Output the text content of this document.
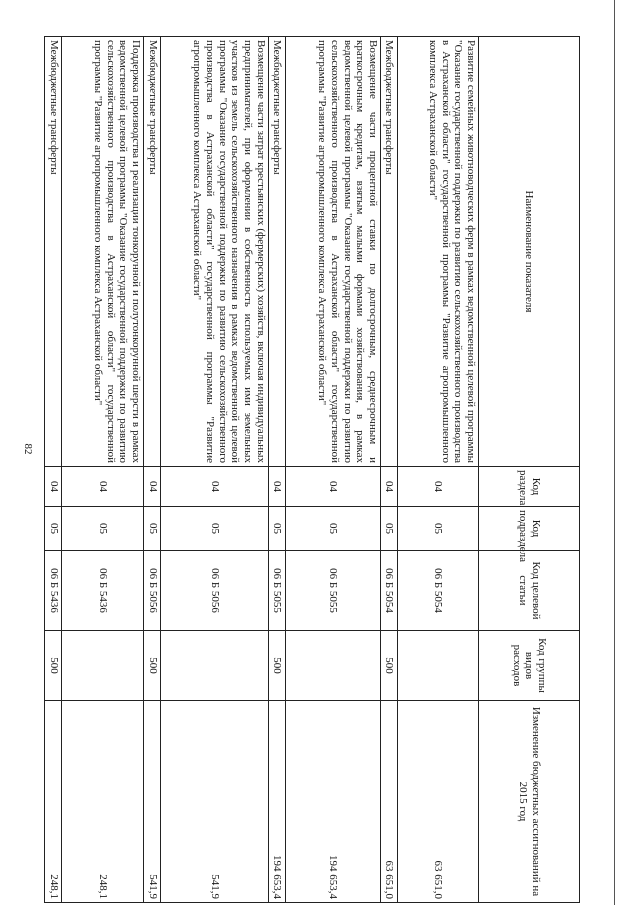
82
Наименование показателя	Код раздела	Код подраздела	Код целевой статьи	Код группы видов расходов	Изменение бюджетных ассигнований на 2015 год
Развитие семейных животноводческих ферм в рамках ведомственной целевой программы "Оказание государственной поддержки по развитию сельскохозяйственного производства в Астраханской области" государственной программы "Развитие агропромышленного комплекса Астраханской области"	04	05	06 Б 5054		63 651,0
Межбюджетные трансферты	04	05	06 Б 5054	500	63 651,0
Возмещение части процентной ставки по долгосрочным, среднесрочным и краткосрочным кредитам, взятым малыми формами хозяйствования, в рамках ведомственной целевой программы "Оказание государственной поддержки по развитию сельскохозяйственного производства в Астраханской области" государственной программы "Развитие агропромышленного комплекса Астраханской области"	04	05	06 Б 5055		194 653,4
Межбюджетные трансферты	04	05	06 Б 5055	500	194 653,4
Возмещение части затрат крестьянских (фермерских) хозяйств, включая индивидуальных предпринимателей, при оформлении в собственность используемых ими земельных участков из земель сельскохозяйственного назначения в рамках ведомственной целевой программы "Оказание государственной поддержки по развитию сельскохозяйственного производства в Астраханской области" государственной программы "Развитие агропромышленного комплекса Астраханской области"	04	05	06 Б 5056		541,9
Межбюджетные трансферты	04	05	06 Б 5056	500	541,9
Поддержка производства и реализации тонкорунной и полутонкорунной шерсти в рамках ведомственной целевой программы "Оказание государственной поддержки по развитию сельскохозяйственного производства в Астраханской области" государственной программы "Развитие агропромышленного комплекса Астраханской области"	04	05	06 Б 5436		248,1
Межбюджетные трансферты	04	05	06 Б 5436	500	248,1
